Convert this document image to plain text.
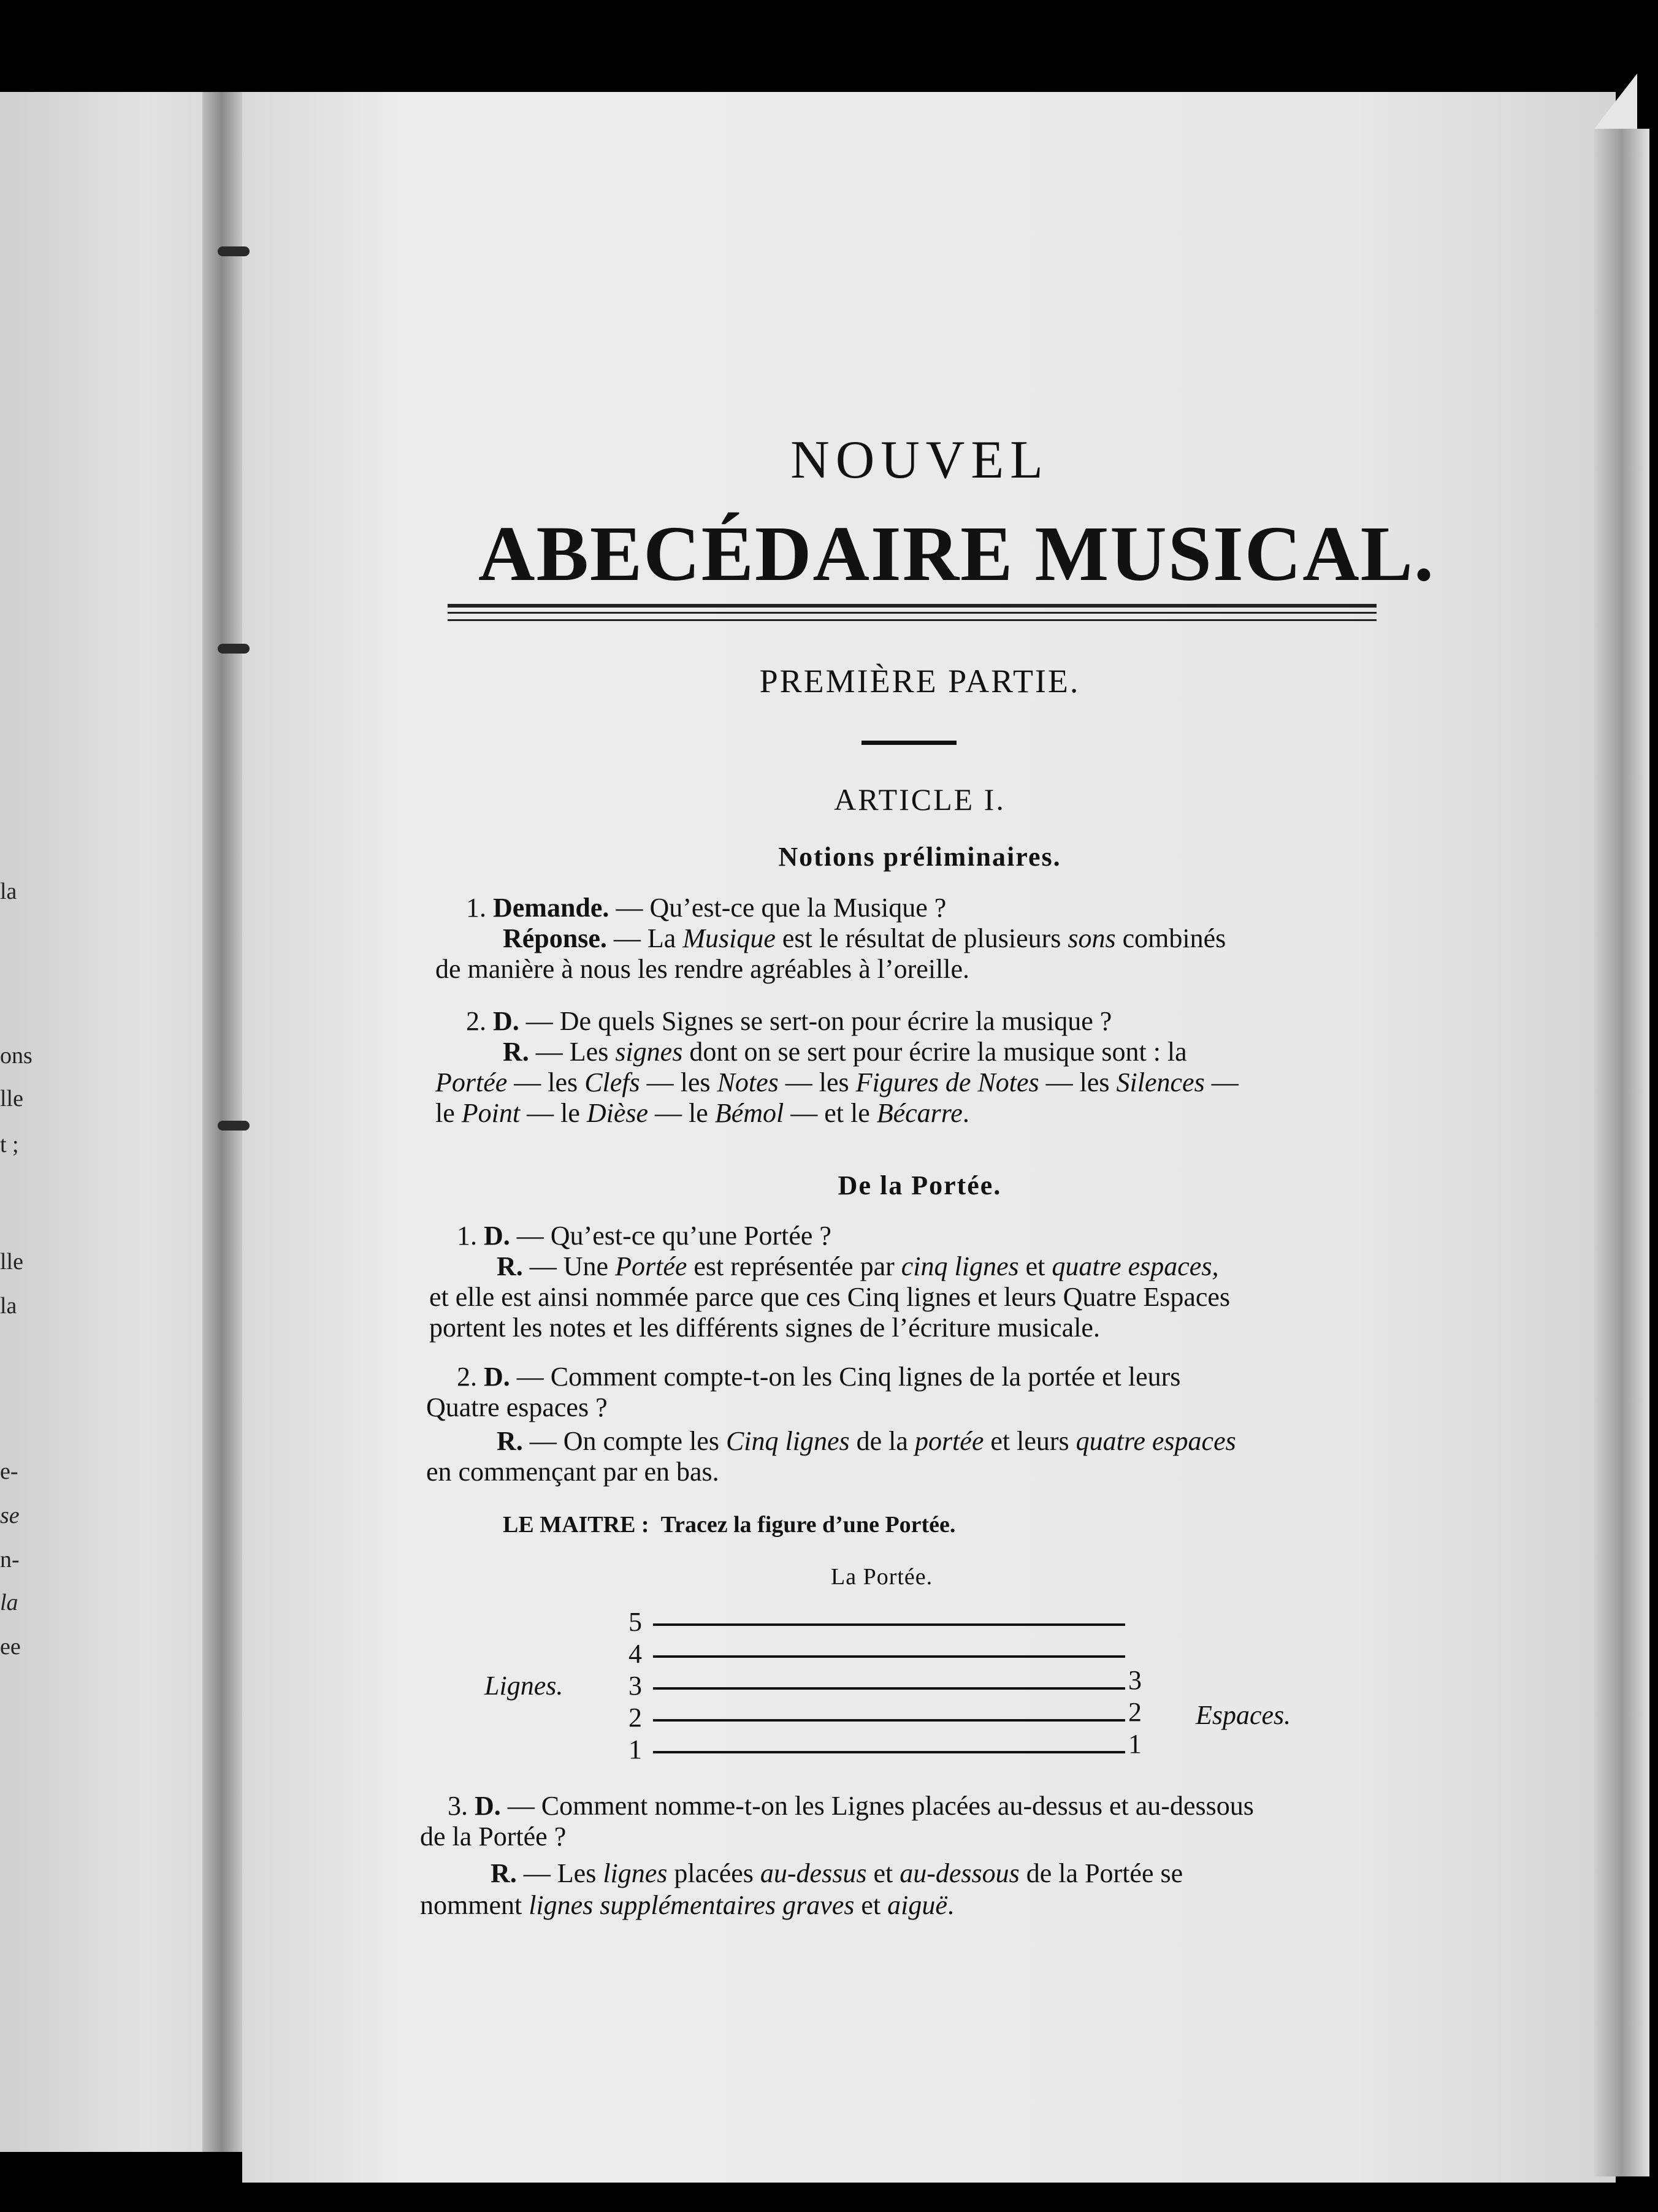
la
ons
lle
t ;
lle
la
e-
se
n-
la
ee
NOUVEL
ABECÉDAIRE MUSICAL.
PREMIÈRE PARTIE.
ARTICLE I.
Notions préliminaires.
1. Demande. — Qu’est-ce que la Musique ?
Réponse. — La Musique est le résultat de plusieurs sons combinés
de manière à nous les rendre agréables à l’oreille.
2. D. — De quels Signes se sert-on pour écrire la musique ?
R. — Les signes dont on se sert pour écrire la musique sont : la
Portée — les Clefs — les Notes — les Figures de Notes — les Silences —
le Point — le Dièse — le Bémol — et le Bécarre.
De la Portée.
1. D. — Qu’est-ce qu’une Portée ?
R. — Une Portée est représentée par cinq lignes et quatre espaces,
et elle est ainsi nommée parce que ces Cinq lignes et leurs Quatre Espaces
portent les notes et les différents signes de l’écriture musicale.
2. D. — Comment compte-t-on les Cinq lignes de la portée et leurs
Quatre espaces ?
R. — On compte les Cinq lignes de la portée et leurs quatre espaces
en commençant par en bas.
LE MAITRE : Tracez la figure d’une Portée.
La Portée.
5
4
3
2
1
3
2
1
Lignes.
Espaces.
3. D. — Comment nomme-t-on les Lignes placées au-dessus et au-dessous
de la Portée ?
R. — Les lignes placées au-dessus et au-dessous de la Portée se
nomment lignes supplémentaires graves et aiguë.
